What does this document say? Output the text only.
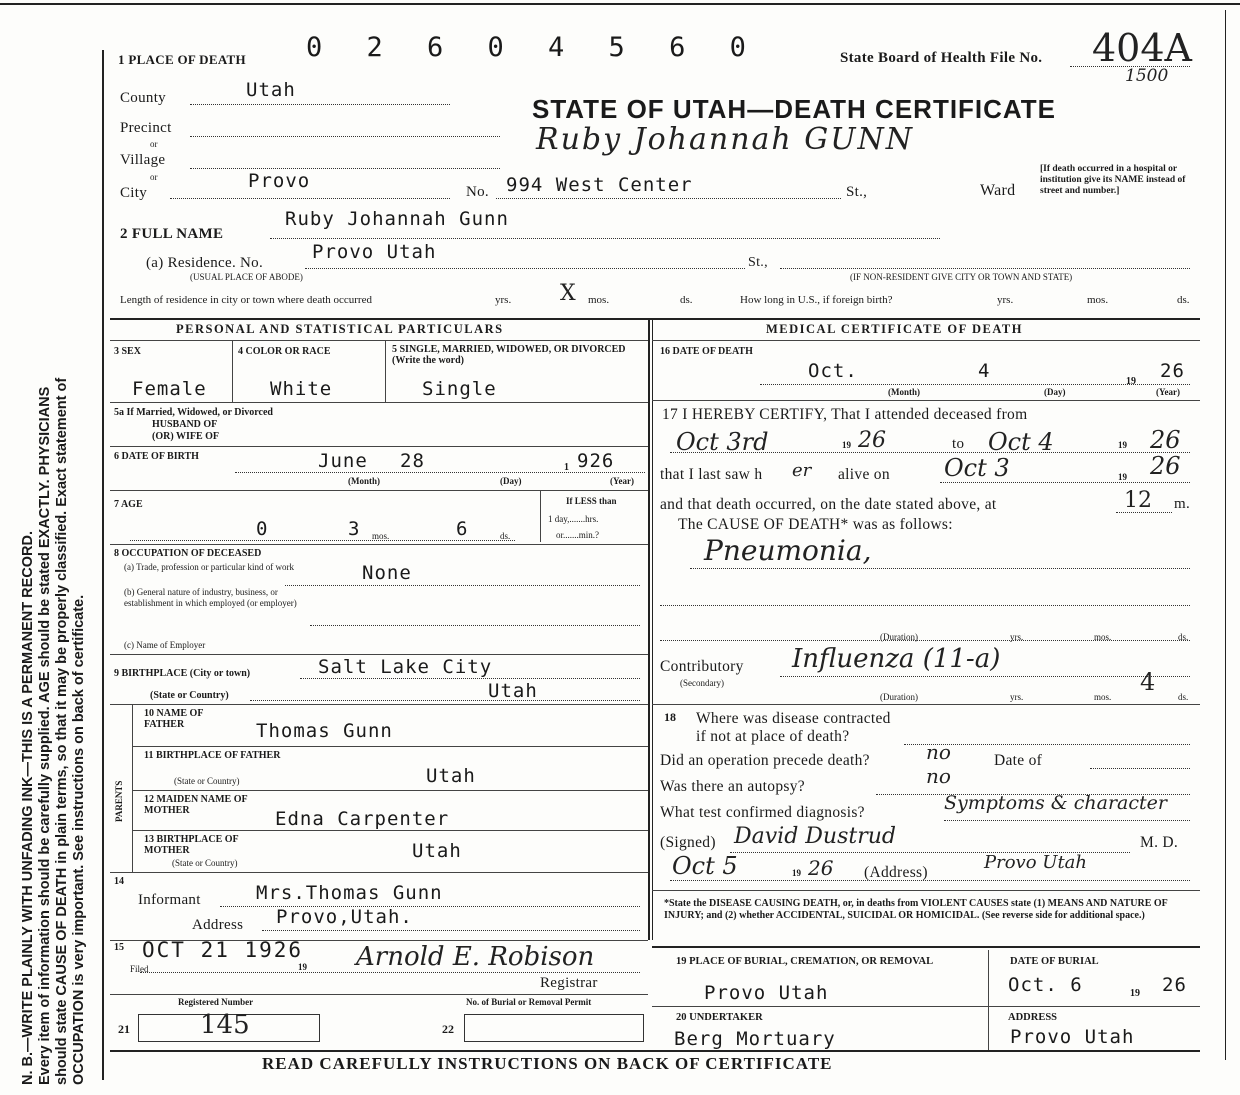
N. B.—WRITE PLAINLY WITH UNFADING INK—THIS IS A PERMANENT RECORD. Every item of information should be carefully supplied. AGE should be stated EXACTLY. PHYSICIANS should state CAUSE OF DEATH in plain terms, so that it may be properly classified. Exact statement of OCCUPATION is very important. See instructions on back of certificate.
1 PLACE OF DEATH 0 2 6 0 4 5 6 0	State Board of Health File No. 404A
1500
County	Utah
STATE OF UTAH—DEATH CERTIFICATE
Ruby Johannah GUNN
Precinct
or
Village
or
City
Provo	No. 994 West Center	St.,	Ward
[If death occurred in a hospital or institution give its NAME instead of street and number.]
2 FULL NAME
Ruby Johannah Gunn
(a) Residence. No.	Provo Utah	St.,
(USUAL PLACE OF ABODE)	(IF NON-RESIDENT GIVE CITY OR TOWN AND STATE)
Length of residence in city or town where death occurred	yrs. X mos.	ds.	How long in U.S., if foreign birth?	yrs.	mos.	ds.
PERSONAL AND STATISTICAL PARTICULARS
3 SEX
Female
4 COLOR OR RACE
White
5 SINGLE, MARRIED, WIDOWED, OR DIVORCED (Write the word)
Single
5a If Married, Widowed, or Divorced
HUSBAND OF
(OR) WIFE OF
6 DATE OF BIRTH	June 28	1 926
(Month)	(Day)	(Year)
7 AGE
0	3 mos.	6	ds.
If LESS than
1 day,.......hrs.
or.......min.?
8 OCCUPATION OF DECEASED
(a) Trade, profession or particular kind of work
(b) General nature of industry, business, or establishment in which employed (or employer)
None
(c) Name of Employer
9 BIRTHPLACE (City or town)	Salt Lake City
(State or Country)	Utah
PARENTS
10 NAME OF FATHER	Thomas Gunn
11 BIRTHPLACE OF FATHER
(State or Country)	Utah
12 MAIDEN NAME OF MOTHER	Edna Carpenter
13 BIRTHPLACE OF MOTHER
(State or Country)
Utah
14
Informant	Mrs.Thomas Gunn
Address Provo,Utah.
15 OCT 21 1926
Filed	19 Arnold E. Robison
Registrar
Registered Number	No. of Burial or Removal Permit
21	145	22
MEDICAL CERTIFICATE OF DEATH
16 DATE OF DEATH
Oct.	4	19 26
(Month)	(Day)	(Year)
17 I HEREBY CERTIFY, That I attended deceased from
Oct 3rd	19 26	to Oct 4	19 26
that I last saw h er alive on Oct 3	19 26
and that death occurred, on the date stated above, at	12 m.
The CAUSE OF DEATH* was as follows:
Pneumonia,
(Duration)	yrs.	mos.	ds.
Contributory
(Secondary)
Influenza (11-a)
(Duration)	yrs.	mos.
4
ds.
18 Where was disease contracted
if not at place of death?
Did an operation precede death?	no	Date of
Was there an autopsy?	no
What test confirmed diagnosis?	Symptoms & character
(Signed) David Dustrud	M. D.
Oct 5	19 26 (Address)	Provo Utah
*State the DISEASE CAUSING DEATH, or, in deaths from VIOLENT CAUSES state (1) MEANS AND NATURE OF INJURY; and (2) whether ACCIDENTAL, SUICIDAL OR HOMICIDAL. (See reverse side for additional space.)
19 PLACE OF BURIAL, CREMATION, OR REMOVAL
Provo Utah
DATE OF BURIAL
Oct. 6	19 26
20 UNDERTAKER
Berg Mortuary
ADDRESS
Provo Utah
READ CAREFULLY INSTRUCTIONS ON BACK OF CERTIFICATE
